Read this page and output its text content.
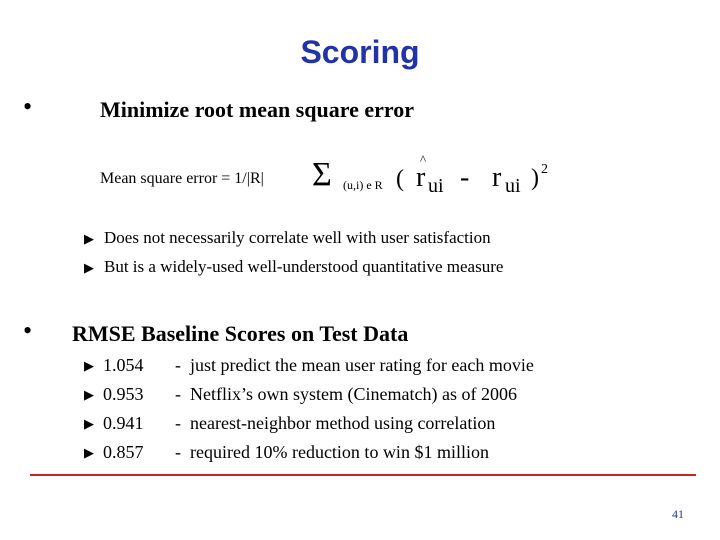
Scoring
•	Minimize root mean square error
Mean square error = 1/|R| Σ (u,i) e R (
^
r ui - r ui ) 2
▶ Does not necessarily correlate well with user satisfaction
▶ But is a widely-used well-understood quantitative measure
• RMSE Baseline Scores on Test Data
▶ 1.054 - just predict the mean user rating for each movie
▶ 0.953 - Netflix’s own system (Cinematch) as of 2006
▶ 0.941 - nearest-neighbor method using correlation
▶ 0.857 - required 10% reduction to win $1 million
41
